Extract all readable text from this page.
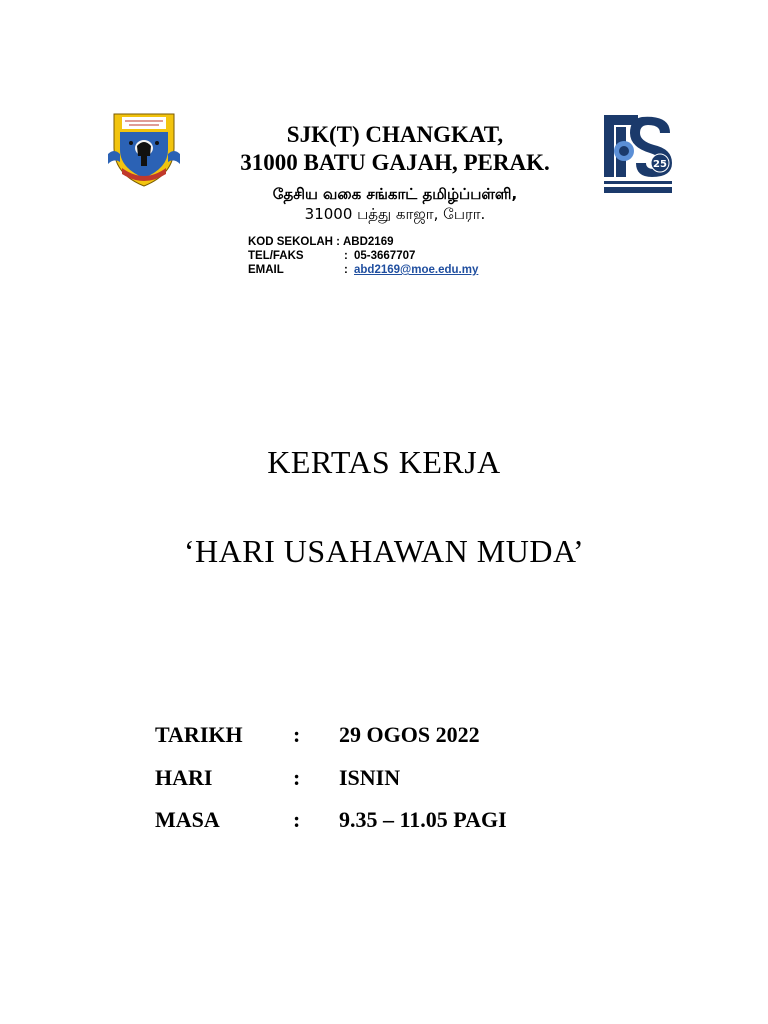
25
SJK(T) CHANGKAT,
31000 BATU GAJAH, PERAK.
தேசிய வகை சங்காட் தமிழ்ப்பள்ளி,
31000 பத்து காஜா, பேரா.
KOD SEKOLAH : ABD2169
TEL/FAKS	: 05-3667707
EMAIL	: abd2169@moe.edu.my
KERTAS KERJA
‘HARI USAHAWAN MUDA’
TARIKH : 29 OGOS 2022
HARI	: ISNIN
MASA	: 9.35 – 11.05 PAGI
